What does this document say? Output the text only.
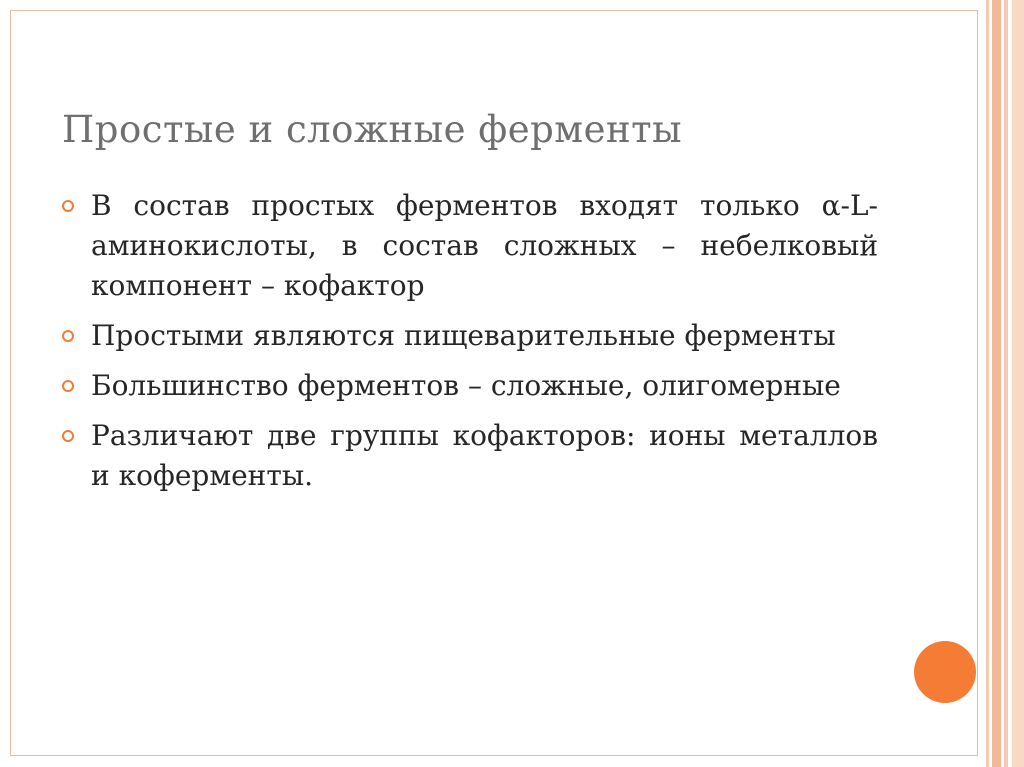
Простые и сложные ферменты
В состав простых ферментов входят только α-L-аминокислоты, в состав сложных – небелковый компонент – кофактор
Простыми являются пищеварительные ферменты
Большинство ферментов – сложные, олигомерные
Различают две группы кофакторов: ионы металлов и коферменты.
